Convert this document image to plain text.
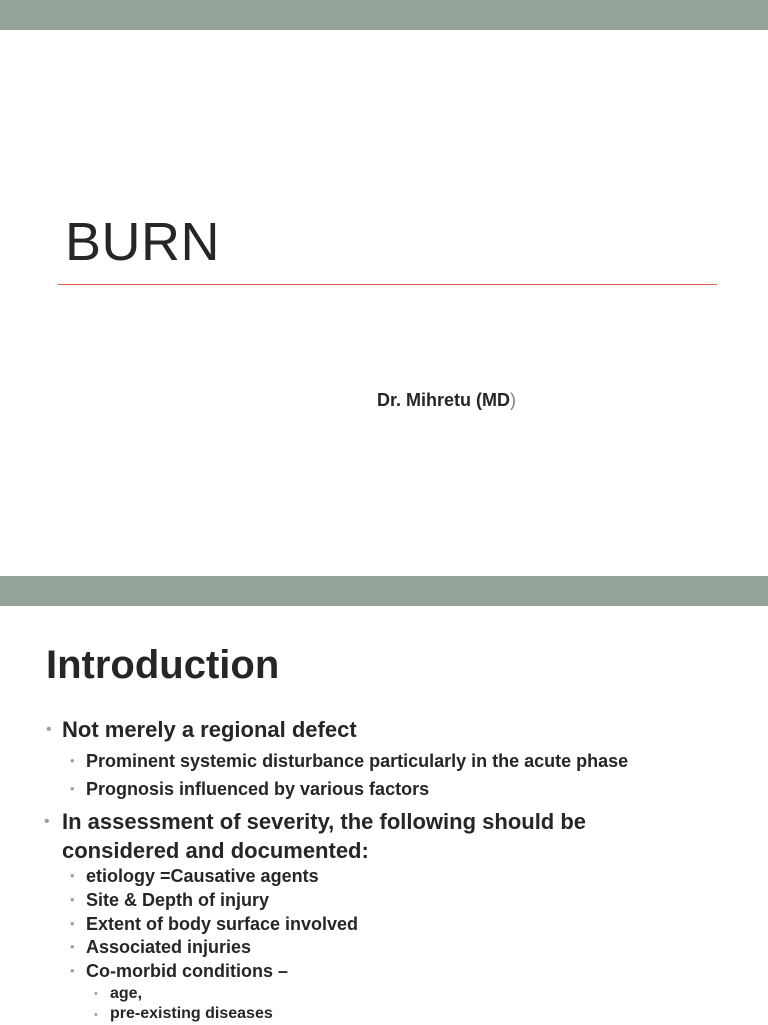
BURN
Dr. Mihretu (MD)
Introduction
• Not merely a regional defect
• Prominent systemic disturbance particularly in the acute phase
• Prognosis influenced by various factors
• In assessment of severity, the following should be
considered and documented:
• etiology =Causative agents
• Site & Depth of injury
• Extent of body surface involved
• Associated injuries
• Co-morbid conditions –
• age,
• pre-existing diseases
